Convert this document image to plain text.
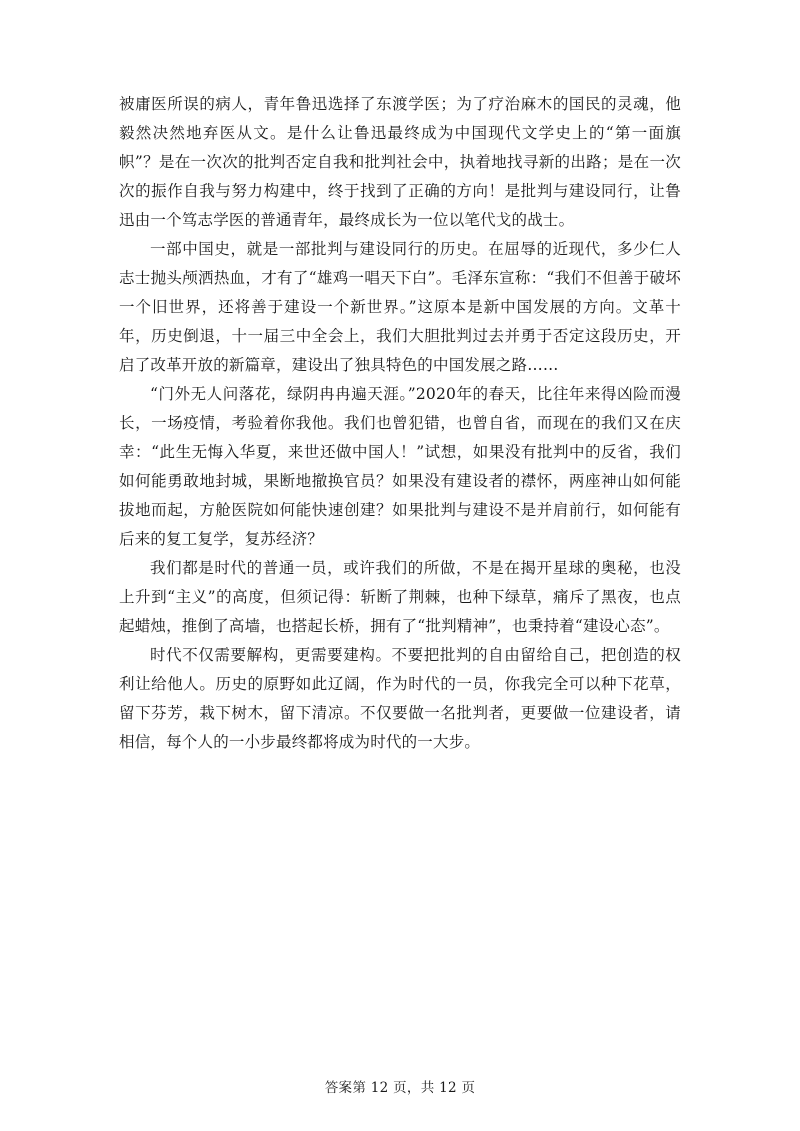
被庸医所误的病人，青年鲁迅选择了东渡学医；为了疗治麻木的国民的灵魂，他毅然决然地弃医从文。是什么让鲁迅最终成为中国现代文学史上的“第一面旗帜”？是在一次次的批判否定自我和批判社会中，执着地找寻新的出路；是在一次次的振作自我与努力构建中，终于找到了正确的方向！是批判与建设同行，让鲁迅由一个笃志学医的普通青年，最终成长为一位以笔代戈的战士。

一部中国史，就是一部批判与建设同行的历史。在屈辱的近现代，多少仁人志士抛头颅洒热血，才有了“雄鸡一唱天下白”。毛泽东宣称：“我们不但善于破坏一个旧世界，还将善于建设一个新世界。”这原本是新中国发展的方向。文革十年，历史倒退，十一届三中全会上，我们大胆批判过去并勇于否定这段历史，开启了改革开放的新篇章，建设出了独具特色的中国发展之路……

“门外无人问落花，绿阴冉冉遍天涯。”2020年的春天，比往年来得凶险而漫长，一场疫情，考验着你我他。我们也曾犯错，也曾自省，而现在的我们又在庆幸：“此生无悔入华夏，来世还做中国人！”试想，如果没有批判中的反省，我们如何能勇敢地封城，果断地撤换官员？如果没有建设者的襟怀，两座神山如何能拔地而起，方舱医院如何能快速创建？如果批判与建设不是并肩前行，如何能有后来的复工复学，复苏经济？

我们都是时代的普通一员，或许我们的所做，不是在揭开星球的奥秘，也没上升到“主义”的高度，但须记得：斩断了荆棘，也种下绿草，痛斥了黑夜，也点起蜡烛，推倒了高墙，也搭起长桥，拥有了“批判精神”，也秉持着“建设心态”。

时代不仅需要解构，更需要建构。不要把批判的自由留给自己，把创造的权利让给他人。历史的原野如此辽阔，作为时代的一员，你我完全可以种下花草，留下芬芳，栽下树木，留下清凉。不仅要做一名批判者，更要做一位建设者，请相信，每个人的一小步最终都将成为时代的一大步。

答案第 12 页，共 12 页
